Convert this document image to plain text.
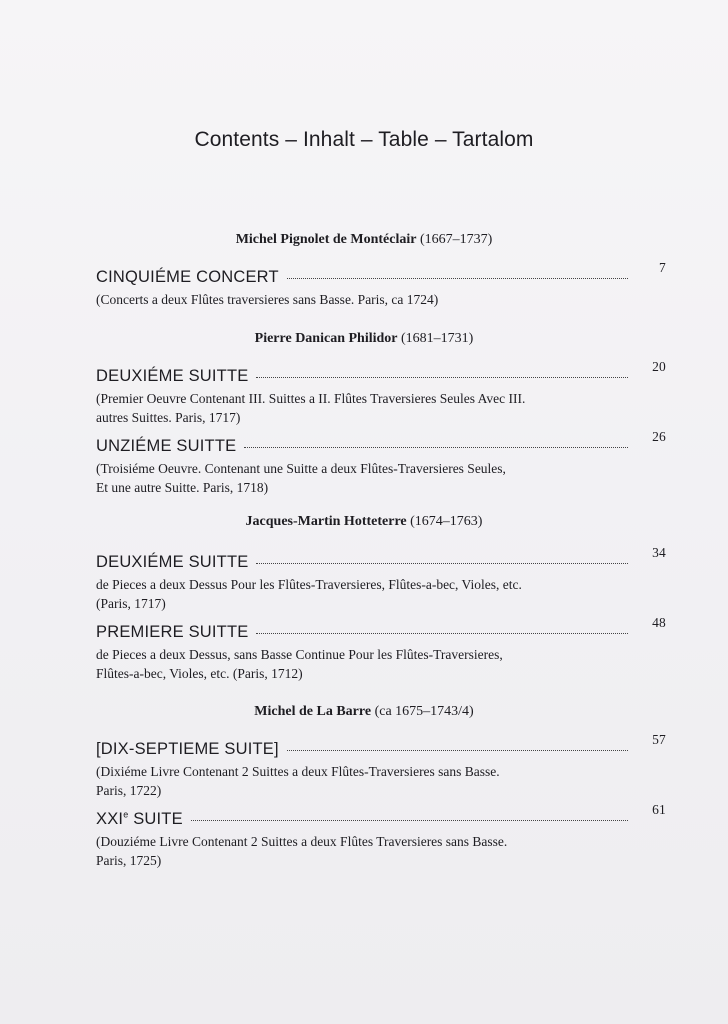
Contents – Inhalt – Table – Tartalom
Michel Pignolet de Montéclair (1667–1737)
CINQUIÉME CONCERT
7
(Concerts a deux Flûtes traversieres sans Basse. Paris, ca 1724)
Pierre Danican Philidor (1681–1731)
DEUXIÉME SUITTE
20
(Premier Oeuvre Contenant III. Suittes a II. Flûtes Traversieres Seules Avec III.
autres Suittes. Paris, 1717)
UNZIÉME SUITTE
26
(Troisiéme Oeuvre. Contenant une Suitte a deux Flûtes-Traversieres Seules,
Et une autre Suitte. Paris, 1718)
Jacques-Martin Hotteterre (1674–1763)
DEUXIÉME SUITTE
34
de Pieces a deux Dessus Pour les Flûtes-Traversieres, Flûtes-a-bec, Violes, etc.
(Paris, 1717)
PREMIERE SUITTE
48
de Pieces a deux Dessus, sans Basse Continue Pour les Flûtes-Traversieres,
Flûtes-a-bec, Violes, etc. (Paris, 1712)
Michel de La Barre (ca 1675–1743/4)
[DIX-SEPTIEME SUITE]
57
(Dixiéme Livre Contenant 2 Suittes a deux Flûtes-Traversieres sans Basse.
Paris, 1722)
XXIe SUITE
61
(Douziéme Livre Contenant 2 Suittes a deux Flûtes Traversieres sans Basse.
Paris, 1725)
